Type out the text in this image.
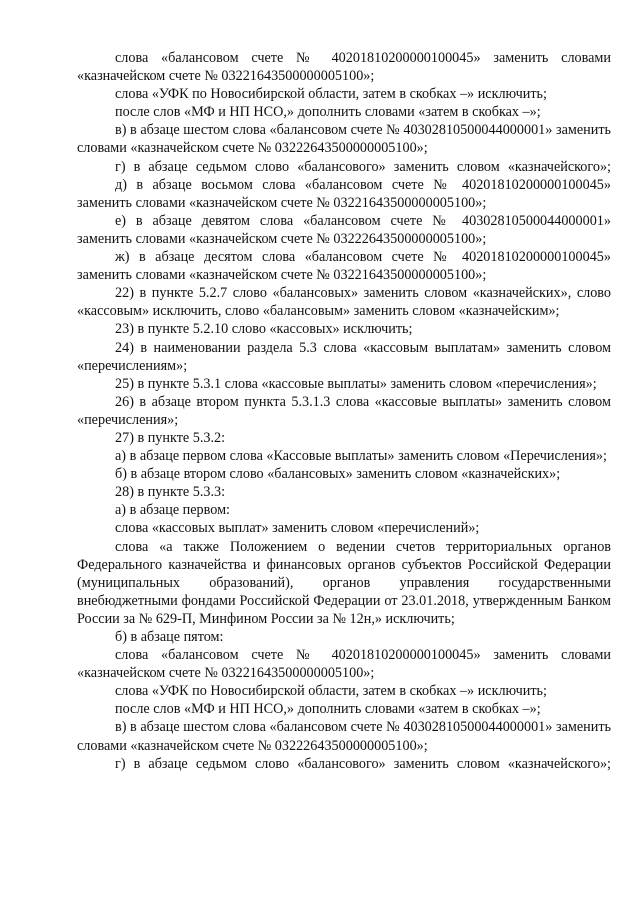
слова «балансовом счете № 40201810200000100045» заменить словами «казначейском счете № 03221643500000005100»;

слова «УФК по Новосибирской области, затем в скобках –» исключить;

после слов «МФ и НП НСО,» дополнить словами «затем в скобках –»;

в) в абзаце шестом слова «балансовом счете № 40302810500044000001» заменить словами «казначейском счете № 03222643500000005100»;

г) в абзаце седьмом слово «балансового» заменить словом «казначейского»;

д) в абзаце восьмом слова «балансовом счете № 40201810200000100045» заменить словами «казначейском счете № 03221643500000005100»;

е) в абзаце девятом слова «балансовом счете № 40302810500044000001» заменить словами «казначейском счете № 03222643500000005100»;

ж) в абзаце десятом слова «балансовом счете № 40201810200000100045» заменить словами «казначейском счете № 03221643500000005100»;

22) в пункте 5.2.7 слово «балансовых» заменить словом «казначейских», слово «кассовым» исключить, слово «балансовым» заменить словом «казначейским»;

23) в пункте 5.2.10 слово «кассовых» исключить;

24) в наименовании раздела 5.3 слова «кассовым выплатам» заменить словом «перечислениям»;

25) в пункте 5.3.1 слова «кассовые выплаты» заменить словом «перечисления»;

26) в абзаце втором пункта 5.3.1.3 слова «кассовые выплаты» заменить словом «перечисления»;

27) в пункте 5.3.2:

а) в абзаце первом слова «Кассовые выплаты» заменить словом «Перечисления»;

б) в абзаце втором слово «балансовых» заменить словом «казначейских»;

28) в пункте 5.3.3:

а) в абзаце первом:

слова «кассовых выплат» заменить словом «перечислений»;

слова «а также Положением о ведении счетов территориальных органов Федерального казначейства и финансовых органов субъектов Российской Федерации (муниципальных образований), органов управления государственными внебюджетными фондами Российской Федерации от 23.01.2018, утвержденным Банком России за № 629-П, Минфином России за № 12н,» исключить;

б) в абзаце пятом:

слова «балансовом счете № 40201810200000100045» заменить словами «казначейском счете № 03221643500000005100»;

слова «УФК по Новосибирской области, затем в скобках –» исключить;

после слов «МФ и НП НСО,» дополнить словами «затем в скобках –»;

в) в абзаце шестом слова «балансовом счете № 40302810500044000001» заменить словами «казначейском счете № 03222643500000005100»;

г) в абзаце седьмом слово «балансового» заменить словом «казначейского»;
